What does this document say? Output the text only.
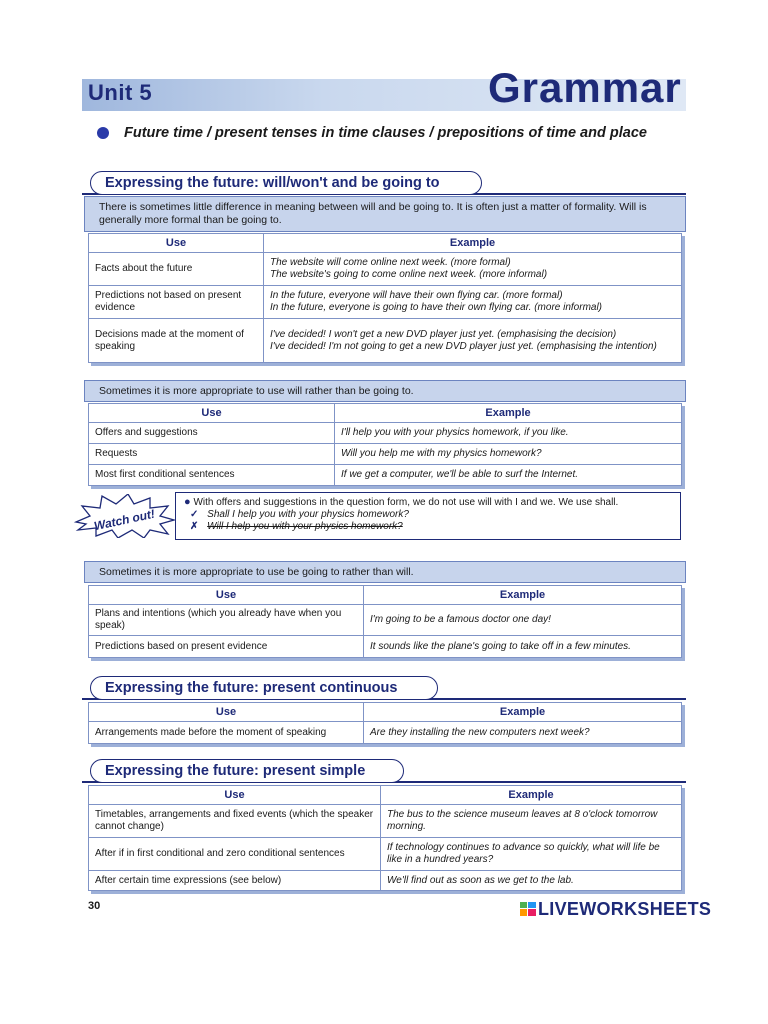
Unit 5	Grammar
Future time / present tenses in time clauses / prepositions of time and place
Expressing the future: will/won't and be going to
There is sometimes little difference in meaning between will and be going to. It is often just a matter of formality. Will is generally more formal than be going to.
Use	Example
Facts about the future	The website will come online next week. (more formal)
The website's going to come online next week. (more informal)

Predictions not based on present evidence	In the future, everyone will have their own flying car. (more formal)
In the future, everyone is going to have their own flying car. (more informal)

Decisions made at the moment of speaking	I've decided! I won't get a new DVD player just yet. (emphasising the decision)
I've decided! I'm not going to get a new DVD player just yet. (emphasising the intention)
Sometimes it is more appropriate to use will rather than be going to.
Use	Example
Offers and suggestions	I'll help you with your physics homework, if you like.
Requests	Will you help me with my physics homework?
Most first conditional sentences	If we get a computer, we'll be able to surf the Internet.
Watch out!
● With offers and suggestions in the question form, we do not use will with I and we. We use shall.
✓ Shall I help you with your physics homework?
✗ Will I help you with your physics homework?
Sometimes it is more appropriate to use be going to rather than will.
Use	Example
Plans and intentions (which you already have when you speak)	I'm going to be a famous doctor one day!
Predictions based on present evidence	It sounds like the plane's going to take off in a few minutes.
Expressing the future: present continuous
Use	Example
Arrangements made before the moment of speaking	Are they installing the new computers next week?
Expressing the future: present simple
Use	Example
Timetables, arrangements and fixed events (which the speaker cannot change)	The bus to the science museum leaves at 8 o'clock tomorrow morning.
After if in first conditional and zero conditional sentences	If technology continues to advance so quickly, what will life be like in a hundred years?
After certain time expressions (see below)	We'll find out as soon as we get to the lab.
30	LIVEWORKSHEETS
